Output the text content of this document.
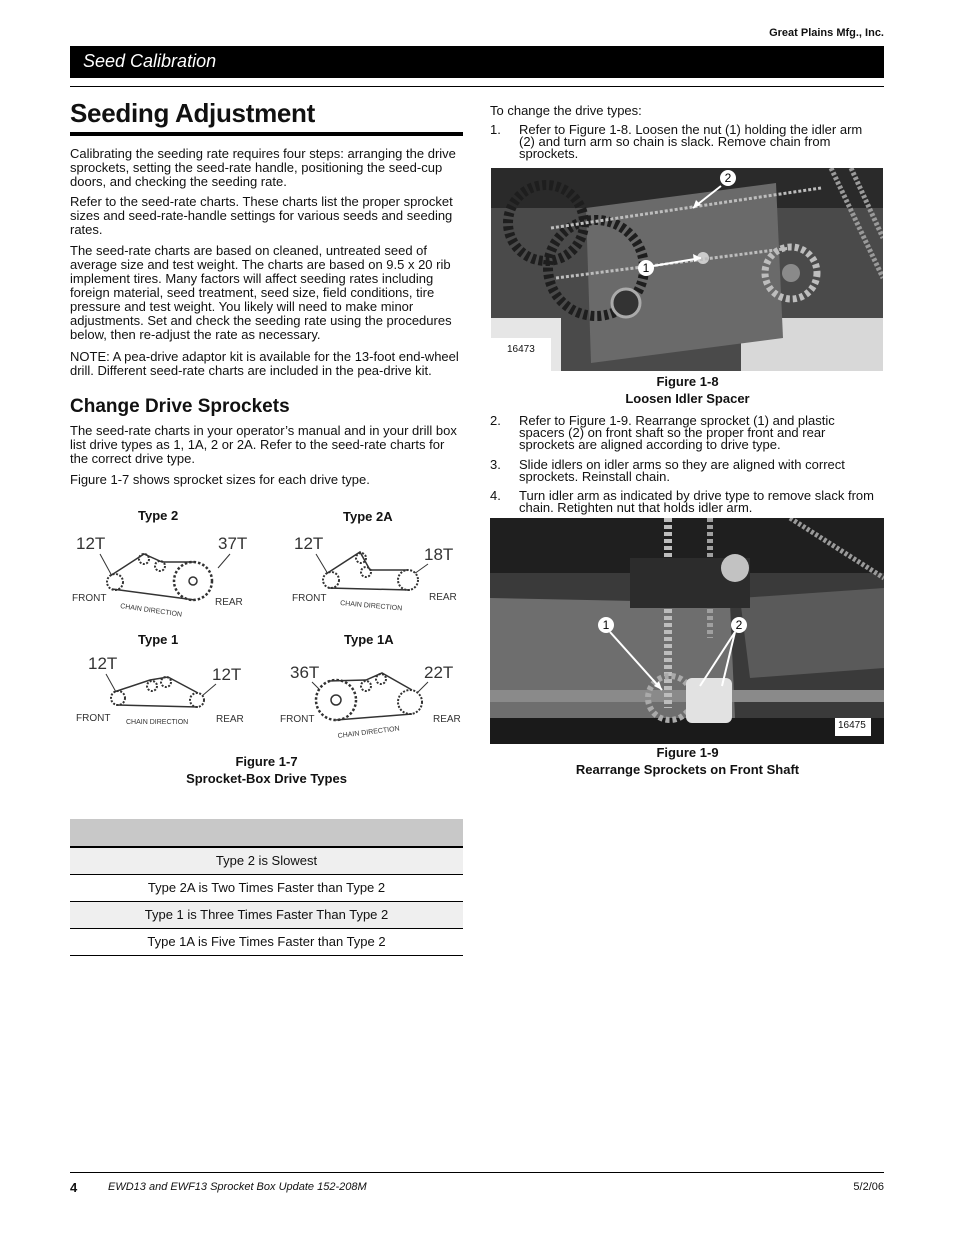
Great Plains Mfg., Inc.
Seed Calibration
Seeding Adjustment

Calibrating the seeding rate requires four steps: arranging the drive sprockets, setting the seed-rate handle, positioning the seed-cup doors, and checking the seeding rate.

Refer to the seed-rate charts. These charts list the proper sprocket sizes and seed-rate-handle settings for various seeds and seeding rates.

The seed-rate charts are based on cleaned, untreated seed of average size and test weight. The charts are based on 9.5 x 20 rib implement tires. Many factors will affect seeding rates including foreign material, seed treatment, seed size, field conditions, tire pressure and test weight. You likely will need to make minor adjustments. Set and check the seeding rate using the procedures below, then re-adjust the rate as necessary.

NOTE: A pea-drive adaptor kit is available for the 13-foot end-wheel drill. Different seed-rate charts are included in the pea-drive kit.

Change Drive Sprockets

The seed-rate charts in your operator’s manual and in your drill box list drive types as 1, 1A, 2 or 2A. Refer to the seed-rate charts for the correct drive type.

Figure 1-7 shows sprocket sizes for each drive type.

Type 2	Type 2A
Type 1	Type 1A
12T	37T
FRONT	REAR
CHAIN DIRECTION
12T
18T
FRONT	REAR
CHAIN DIRECTION
12T
12T
FRONT	REAR
CHAIN DIRECTION
36T	22T
FRONT	REAR
CHAIN DIRECTION
Figure 1-7
Sprocket-Box Drive Types
Type 2 is Slowest
Type 2A is Two Times Faster than Type 2
Type 1 is Three Times Faster Than Type 2
Type 1A is Five Times Faster than Type 2
To change the drive types:
1. Refer to Figure 1-8. Loosen the nut (1) holding the idler arm (2) and turn arm so chain is slack. Remove chain from sprockets.
1
2
16473
Figure 1-8
Loosen Idler Spacer
2. Refer to Figure 1-9. Rearrange sprocket (1) and plastic spacers (2) on front shaft so the proper front and rear sprockets are aligned according to drive type.
3. Slide idlers on idler arms so they are aligned with correct sprockets. Reinstall chain.
4. Turn idler arm as indicated by drive type to remove slack from chain. Retighten nut that holds idler arm.
1	2
16475
Figure 1-9
Rearrange Sprockets on Front Shaft
4	EWD13 and EWF13 Sprocket Box Update 152-208M	5/2/06
